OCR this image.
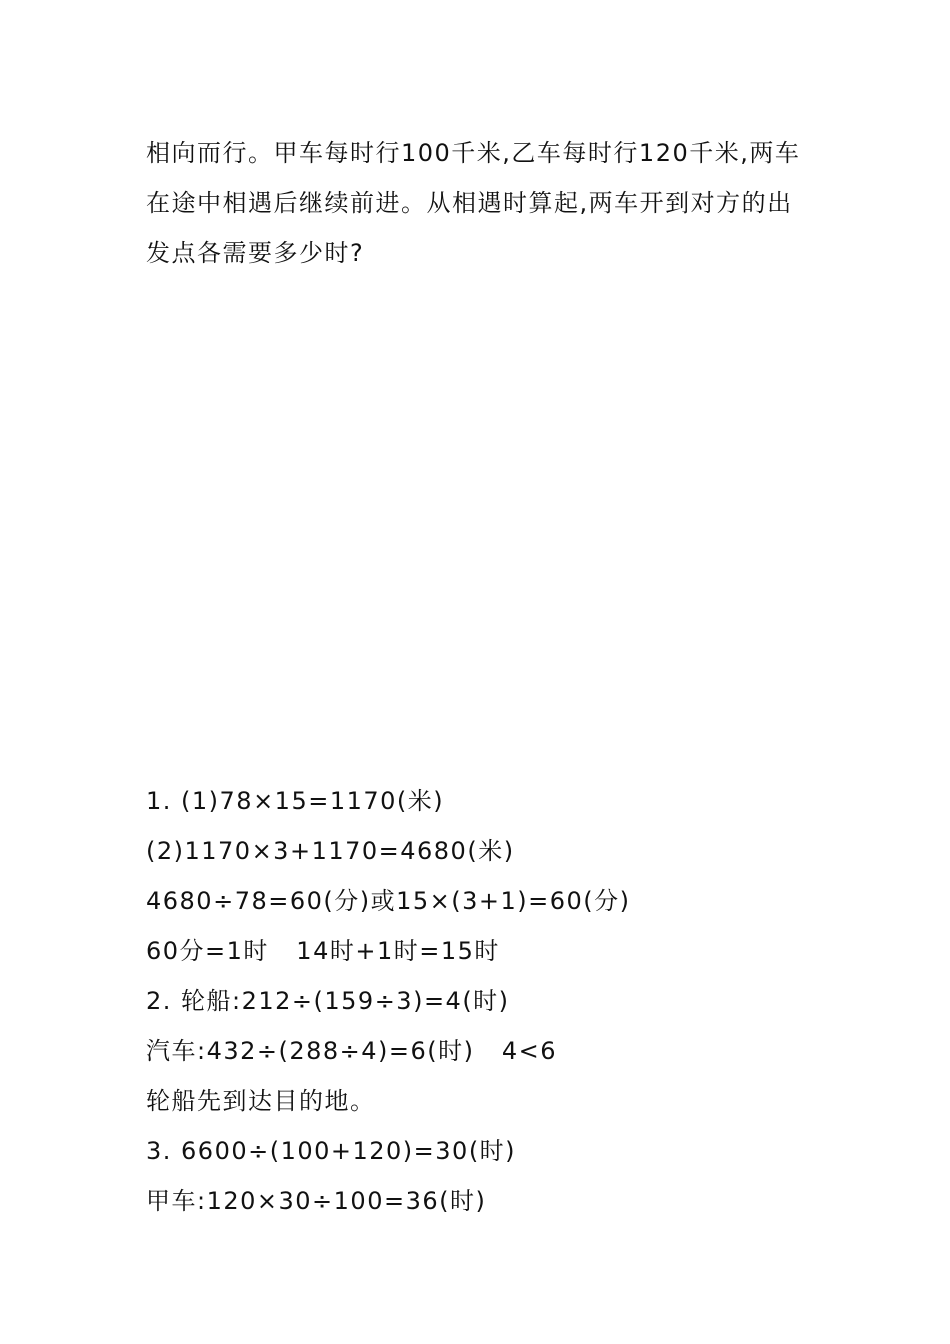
相向而行。甲车每时行100千米,乙车每时行120千米,两车
在途中相遇后继续前进。从相遇时算起,两车开到对方的出
发点各需要多少时?
1. (1)78×15=1170(米)
(2)1170×3+1170=4680(米)
4680÷78=60(分)或15×(3+1)=60(分)
60分=1时   14时+1时=15时
2. 轮船:212÷(159÷3)=4(时)
汽车:432÷(288÷4)=6(时)   4<6
轮船先到达目的地。
3. 6600÷(100+120)=30(时)
甲车:120×30÷100=36(时)
